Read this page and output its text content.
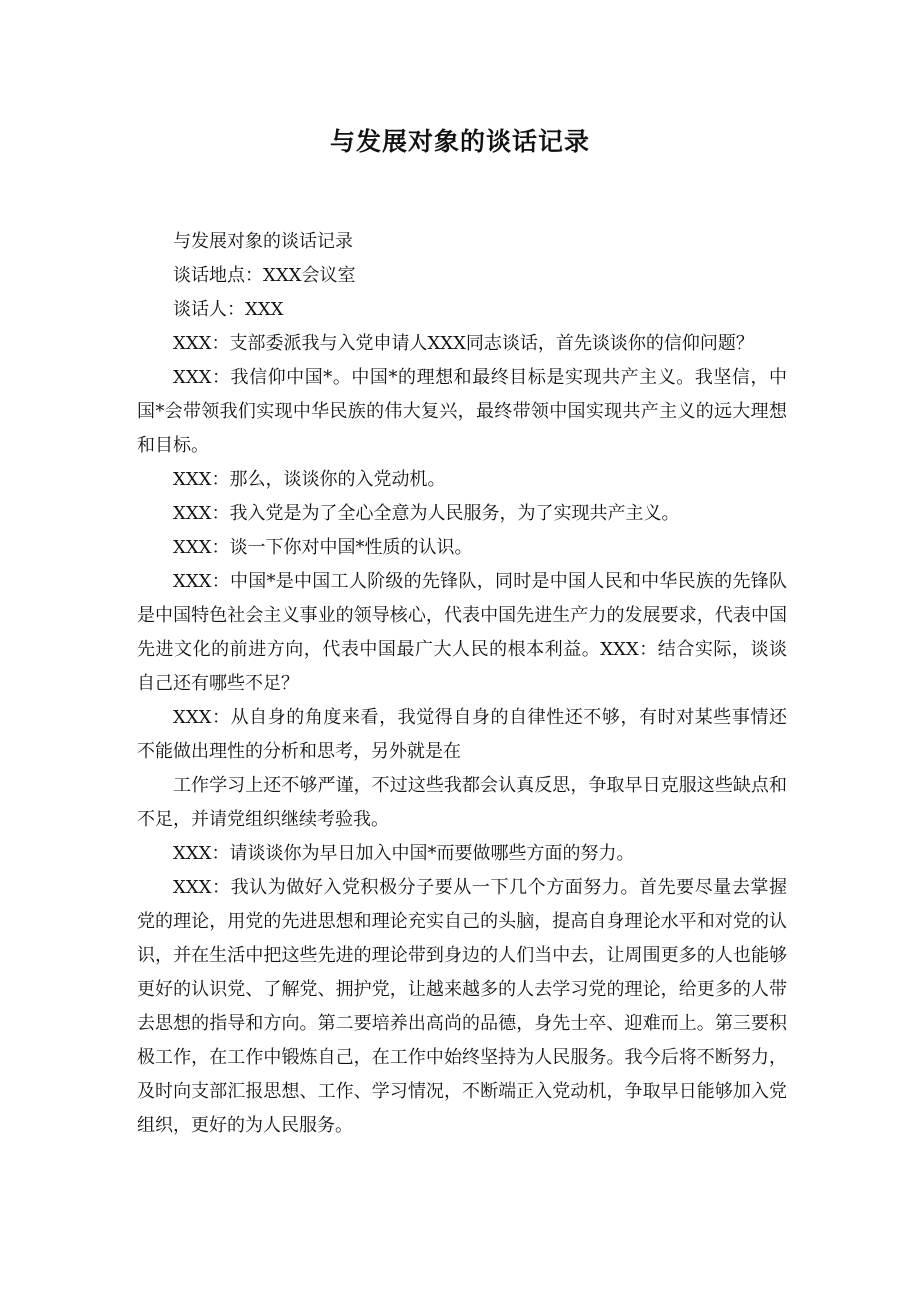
与发展对象的谈话记录

与发展对象的谈话记录

谈话地点：XXX会议室

谈话人：XXX

XXX：支部委派我与入党申请人XXX同志谈话，首先谈谈你的信仰问题？

XXX：我信仰中国*。中国*的理想和最终目标是实现共产主义。我坚信，中国*会带领我们实现中华民族的伟大复兴，最终带领中国实现共产主义的远大理想和目标。

XXX：那么，谈谈你的入党动机。

XXX：我入党是为了全心全意为人民服务，为了实现共产主义。

XXX：谈一下你对中国*性质的认识。

XXX：中国*是中国工人阶级的先锋队，同时是中国人民和中华民族的先锋队是中国特色社会主义事业的领导核心，代表中国先进生产力的发展要求，代表中国先进文化的前进方向，代表中国最广大人民的根本利益。XXX：结合实际，谈谈自己还有哪些不足？

XXX：从自身的角度来看，我觉得自身的自律性还不够，有时对某些事情还不能做出理性的分析和思考，另外就是在

工作学习上还不够严谨，不过这些我都会认真反思，争取早日克服这些缺点和不足，并请党组织继续考验我。

XXX：请谈谈你为早日加入中国*而要做哪些方面的努力。

XXX：我认为做好入党积极分子要从一下几个方面努力。首先要尽量去掌握党的理论，用党的先进思想和理论充实自己的头脑，提高自身理论水平和对党的认识，并在生活中把这些先进的理论带到身边的人们当中去，让周围更多的人也能够更好的认识党、了解党、拥护党，让越来越多的人去学习党的理论，给更多的人带去思想的指导和方向。第二要培养出高尚的品德，身先士卒、迎难而上。第三要积极工作，在工作中锻炼自己，在工作中始终坚持为人民服务。我今后将不断努力，及时向支部汇报思想、工作、学习情况，不断端正入党动机，争取早日能够加入党组织，更好的为人民服务。
